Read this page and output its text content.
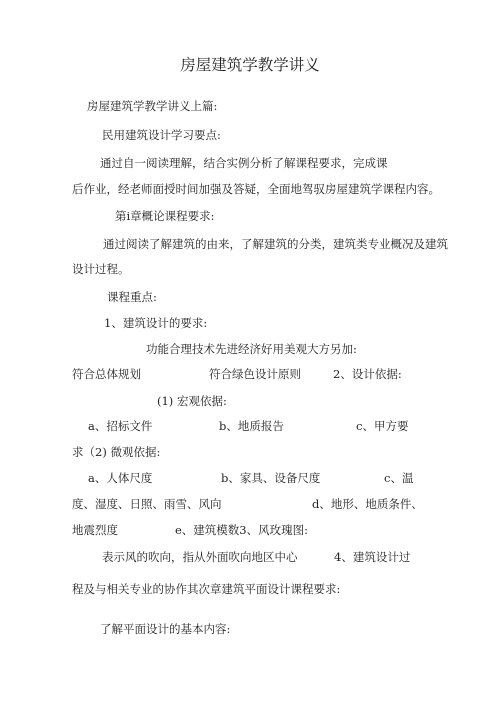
房屋建筑学教学讲义
房屋建筑学教学讲义上篇:
民用建筑设计学习要点:
通过自一阅读理解，结合实例分析了解课程要求，完成课
后作业，经老师面授时间加强及答疑，全面地驾驭房屋建筑学课程内容。
第i章概论课程要求:
通过阅读了解建筑的由来，了解建筑的分类，建筑类专业概况及建筑
设计过程。
课程重点:
1、建筑设计的要求:
功能合理技术先进经济好用美观大方另加:
符合总体规划	符合绿色设计原则	2、设计依据:
(1) 宏观依据:
a、招标文件	b、地质报告	c、甲方要
求（2) 微观依据:
a、人体尺度	b、家具、设备尺度	c、温
度、湿度、日照、雨雪、风向	d、地形、地质条件、
地震烈度	e、建筑模数3、风玫瑰图:
表示风的吹向，指从外面吹向地区中心	4、建筑设计过
程及与相关专业的协作其次章建筑平面设计课程要求:
了解平面设计的基本内容:
